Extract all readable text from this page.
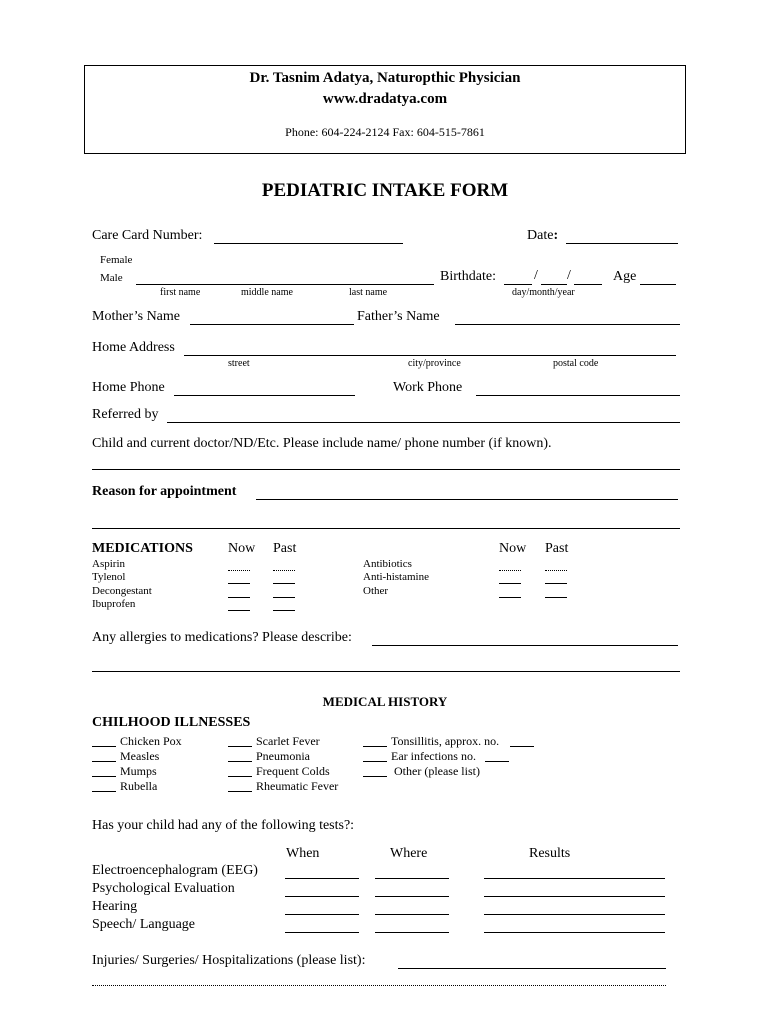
Dr. Tasnim Adatya, Naturopthic Physician
www.dradatya.com
Phone: 604-224-2124 Fax: 604-515-7861
PEDIATRIC INTAKE FORM
Care Card Number:	Date:
Female
Male	Birthdate:	/ /	Age
first name	middle name	last name	day/month/year
Mother’s Name	Father’s Name
Home Address
street	city/province	postal code
Home Phone	Work Phone
Referred by
Child and current doctor/ND/Etc. Please include name/ phone number (if known).
Reason for appointment
MEDICATIONS	Now Past	Now Past
Aspirin
Tylenol
Decongestant
Ibuprofen
Antibiotics
Anti-histamine
Other
Any allergies to medications? Please describe:
MEDICAL HISTORY
CHILHOOD ILLNESSES
Chicken Pox
Measles
Mumps
Rubella
Scarlet Fever
Pneumonia
Frequent Colds
Rheumatic Fever
Tonsillitis, approx. no.
Ear infections no.
Other (please list)
Has your child had any of the following tests?:
When	Where	Results
Electroencephalogram (EEG)
Psychological Evaluation
Hearing
Speech/ Language
Injuries/ Surgeries/ Hospitalizations (please list):
